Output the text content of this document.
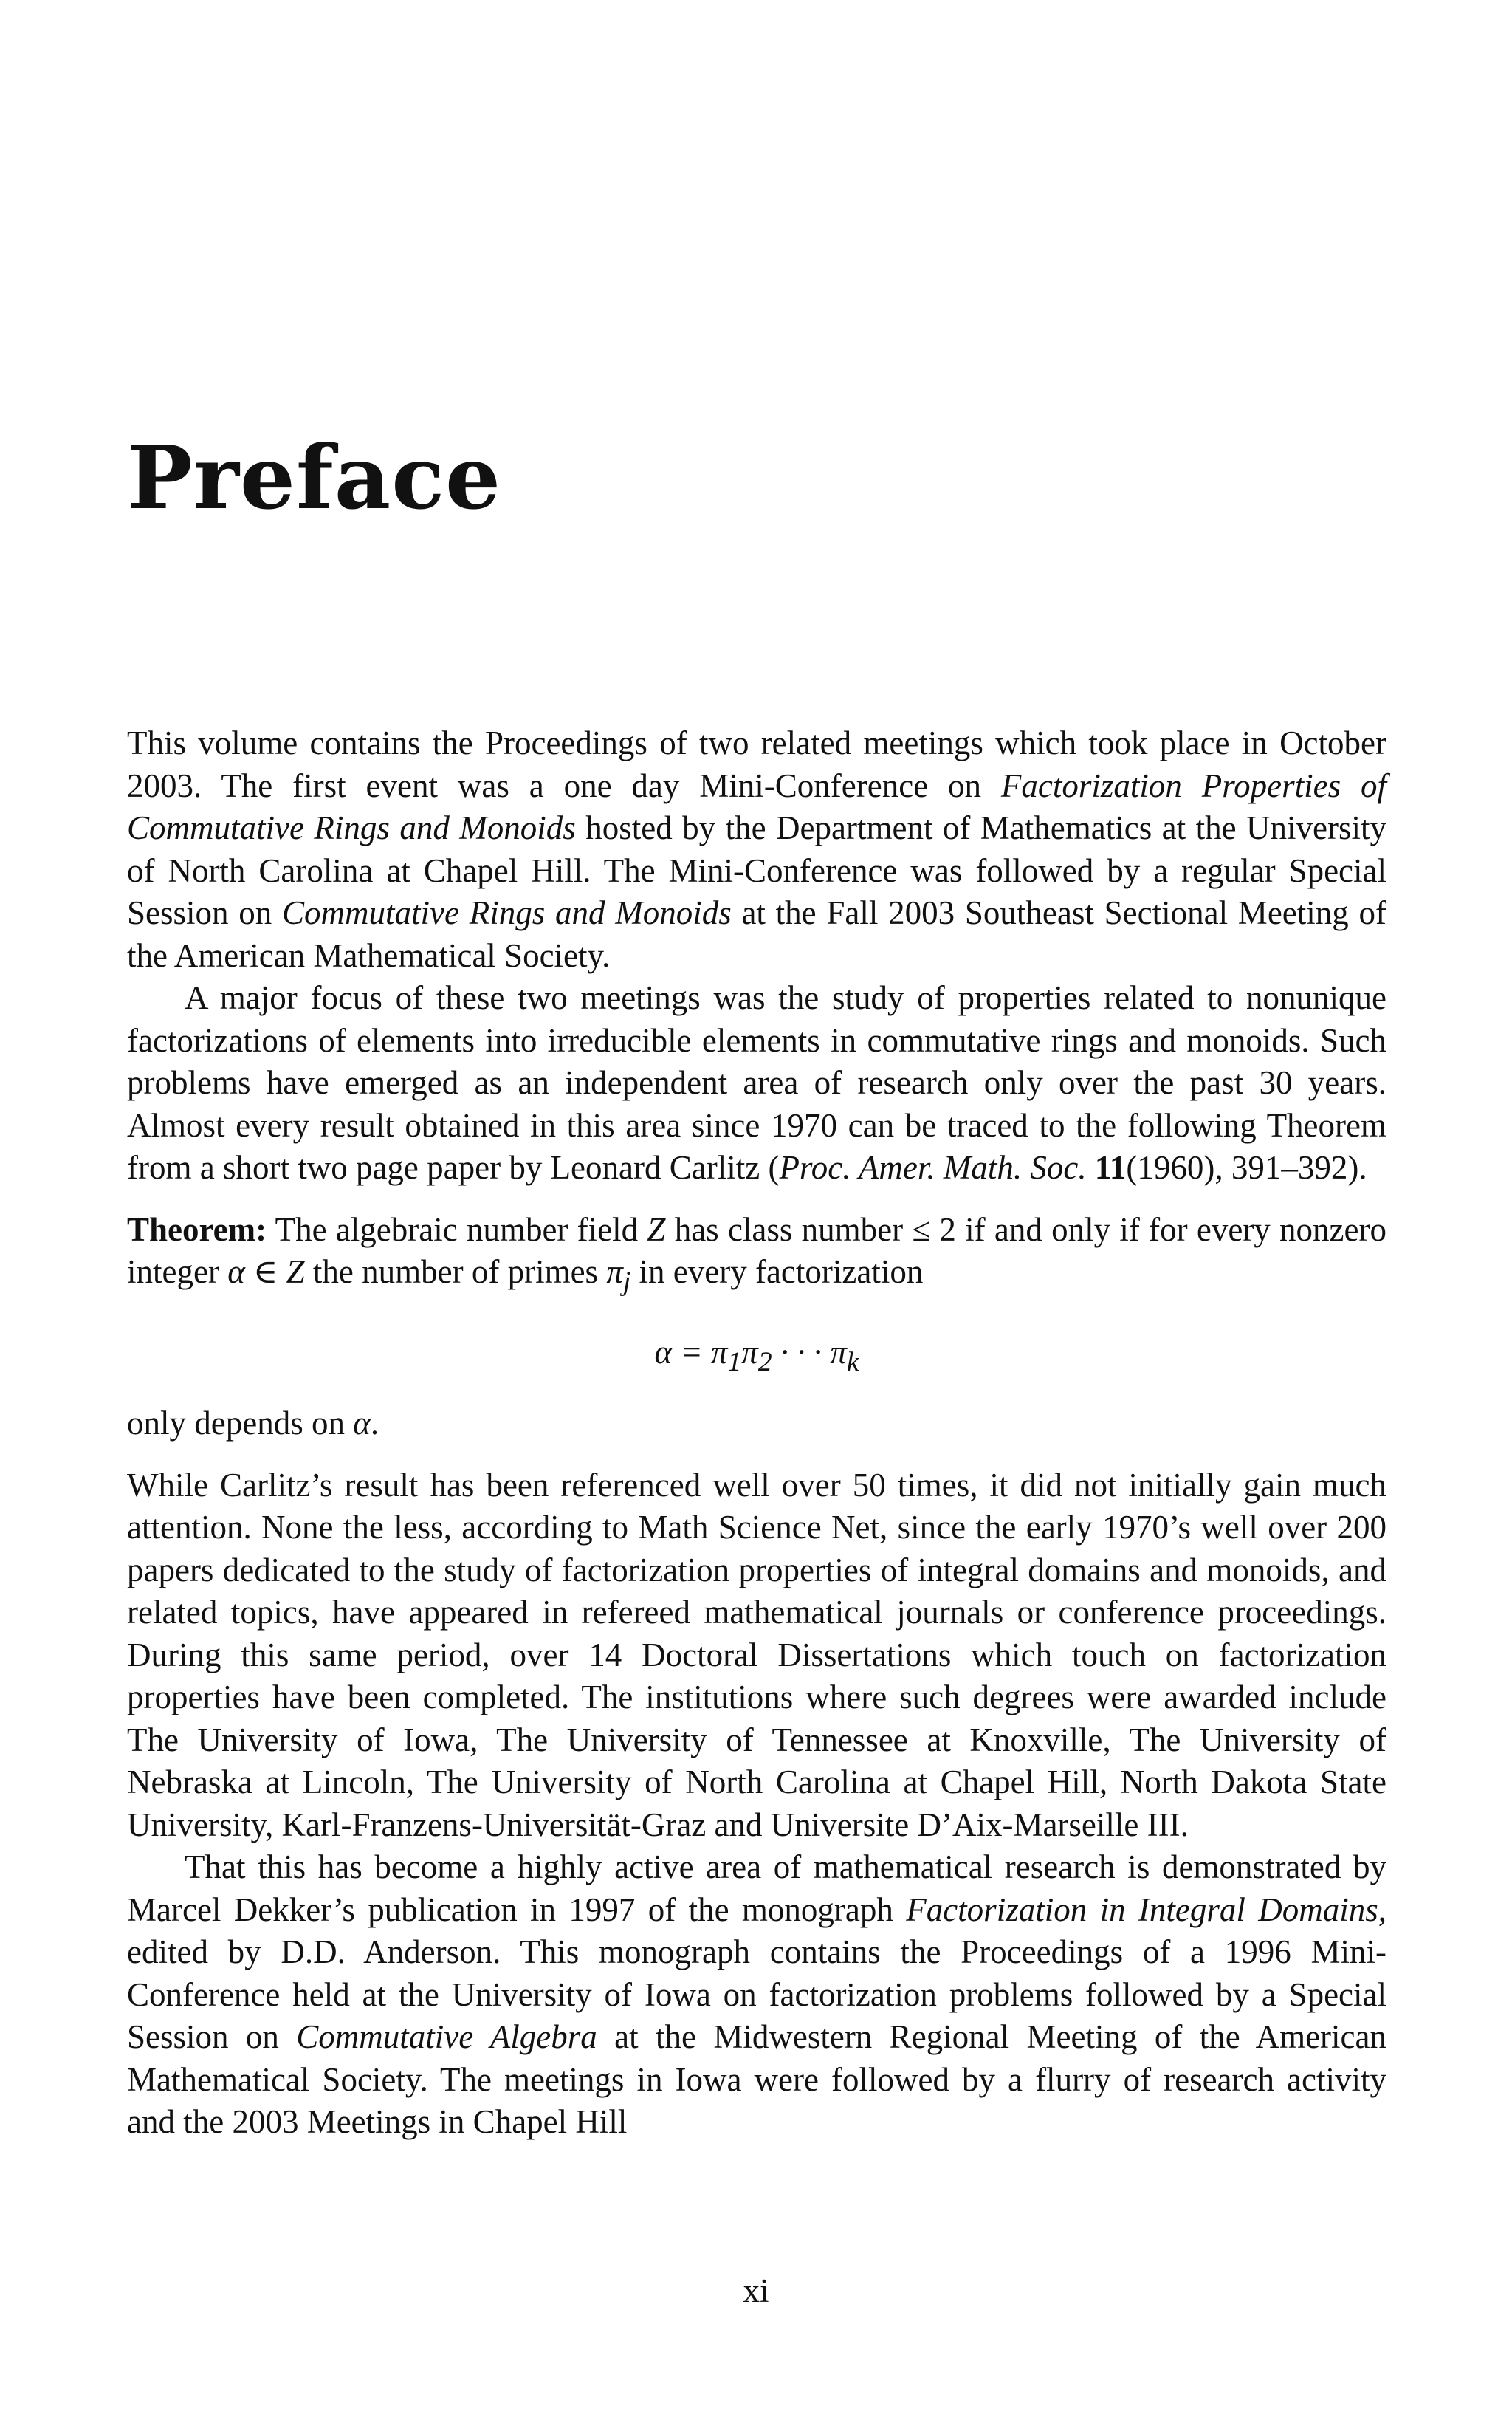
Preface

This volume contains the Proceedings of two related meetings which took place in October 2003. The first event was a one day Mini-Conference on Factorization Properties of Commutative Rings and Monoids hosted by the Department of Mathematics at the University of North Carolina at Chapel Hill. The Mini-Conference was followed by a regular Special Session on Commutative Rings and Monoids at the Fall 2003 Southeast Sectional Meeting of the American Mathematical Society.

A major focus of these two meetings was the study of properties related to nonunique factorizations of elements into irreducible elements in commutative rings and monoids. Such problems have emerged as an independent area of research only over the past 30 years. Almost every result obtained in this area since 1970 can be traced to the following Theorem from a short two page paper by Leonard Carlitz (Proc. Amer. Math. Soc. 11(1960), 391–392).

Theorem: The algebraic number field Z has class number ≤ 2 if and only if for every nonzero integer α ∈ Z the number of primes $\pi_j$ in every factorization

$\alpha = \pi_1\pi_2$ · · · $\pi_k$

only depends on α.

While Carlitz’s result has been referenced well over 50 times, it did not initially gain much attention. None the less, according to Math Science Net, since the early 1970’s well over 200 papers dedicated to the study of factorization properties of integral domains and monoids, and related topics, have appeared in refereed mathematical journals or conference proceedings. During this same period, over 14 Doctoral Dissertations which touch on factorization properties have been completed. The institutions where such degrees were awarded include The University of Iowa, The University of Tennessee at Knoxville, The University of Nebraska at Lincoln, The University of North Carolina at Chapel Hill, North Dakota State University, Karl-Franzens-Universität-Graz and Universite D’Aix-Marseille III.

That this has become a highly active area of mathematical research is demonstrated by Marcel Dekker’s publication in 1997 of the monograph Factorization in Integral Domains, edited by D.D. Anderson. This monograph contains the Proceedings of a 1996 Mini-Conference held at the University of Iowa on factorization problems followed by a Special Session on Commutative Algebra at the Midwestern Regional Meeting of the American Mathematical Society. The meetings in Iowa were followed by a flurry of research activity and the 2003 Meetings in Chapel Hill

xi
